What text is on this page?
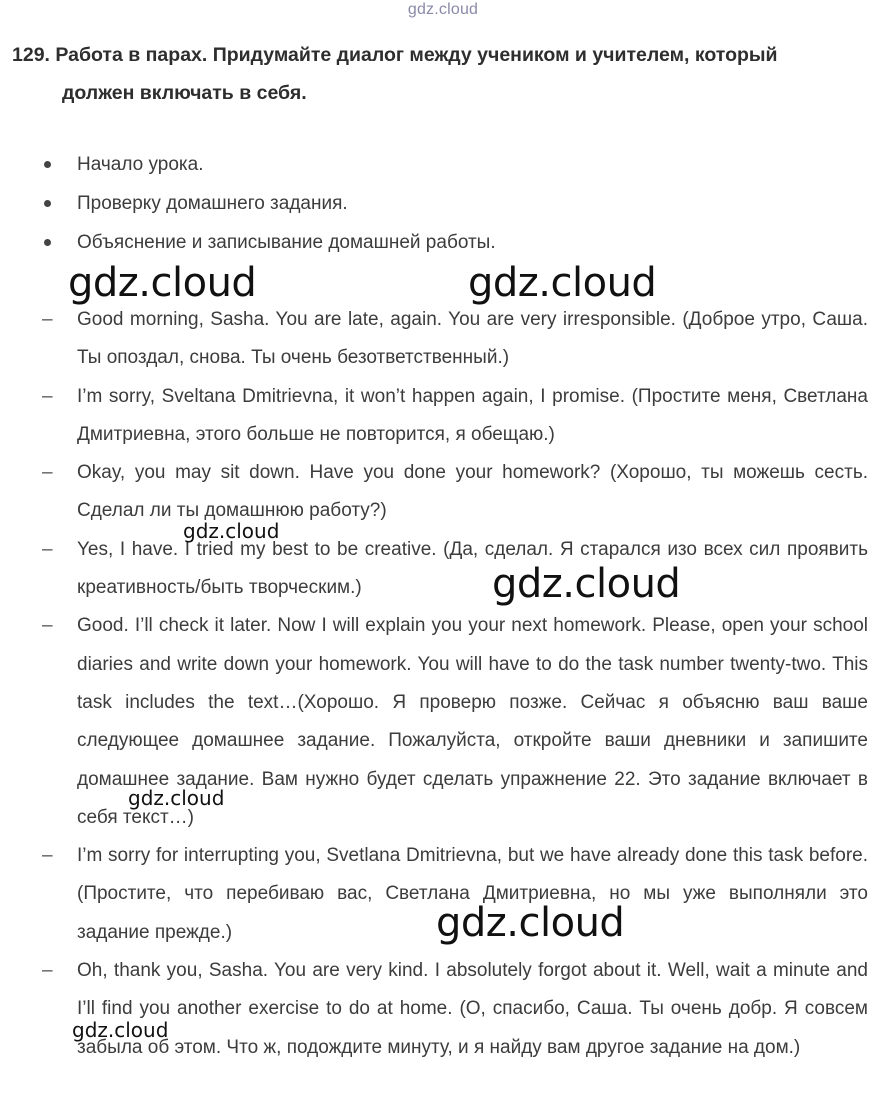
gdz.cloud
129. Работа в парах. Придумайте диалог между учеником и учителем, который
должен включать в себя.
Начало урока.
Проверку домашнего задания.
Объяснение и записывание домашней работы.
– Good morning, Sasha. You are late, again. You are very irresponsible. (Доброе утро, Саша. Ты опоздал, снова. Ты очень безответственный.)
– I’m sorry, Sveltana Dmitrievna, it won’t happen again, I promise. (Простите меня, Светлана Дмитриевна, этого больше не повторится, я обещаю.)
– Okay, you may sit down. Have you done your homework? (Хорошо, ты можешь сесть. Сделал ли ты домашнюю работу?)
– Yes, I have. I tried my best to be creative. (Да, сделал. Я старался изо всех сил проявить креативность/быть творческим.)
– Good. I’ll check it later. Now I will explain you your next homework. Please, open your school diaries and write down your homework. You will have to do the task number twenty-two. This task includes the text…(Хорошо. Я проверю позже. Сейчас я объясню ваш ваше следующее домашнее задание. Пожалуйста, откройте ваши дневники и запишите домашнее задание. Вам нужно будет сделать упражнение 22. Это задание включает в себя текст…)
– I’m sorry for interrupting you, Svetlana Dmitrievna, but we have already done this task before. (Простите, что перебиваю вас, Светлана Дмитриевна, но мы уже выполняли это задание прежде.)
– Oh, thank you, Sasha. You are very kind. I absolutely forgot about it. Well, wait a minute and I’ll find you another exercise to do at home. (О, спасибо, Саша. Ты очень добр. Я совсем забыла об этом. Что ж, подождите минуту, и я найду вам другое задание на дом.)
gdz.cloud	gdz.cloud
gdz.cloud
gdz.cloud
gdz.cloud
gdz.cloud
gdz.cloud
